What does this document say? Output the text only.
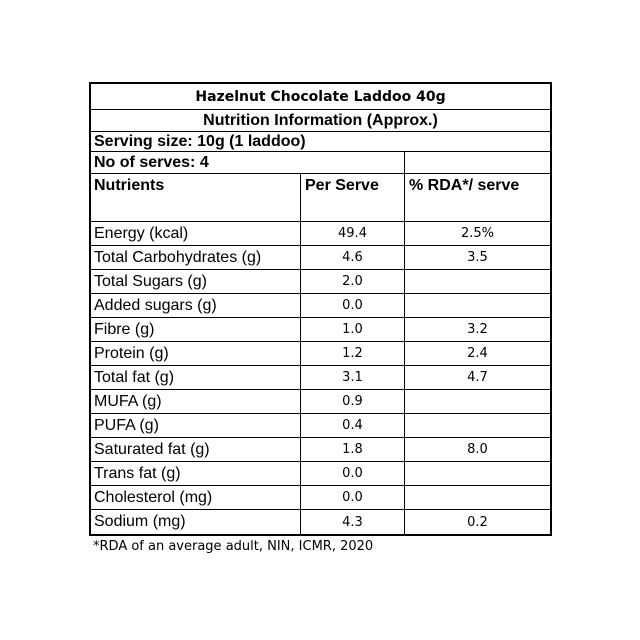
Hazelnut Chocolate Laddoo 40g
Nutrition Information (Approx.)
Serving size: 10g (1 laddoo)
No of serves: 4
Nutrients	Per Serve	% RDA*/ serve
Energy (kcal)	49.4	2.5%
Total Carbohydrates (g)	4.6	3.5
Total Sugars (g)	2.0
Added sugars (g)	0.0
Fibre (g)	1.0	3.2
Protein (g)	1.2	2.4
Total fat (g)	3.1	4.7
MUFA (g)	0.9
PUFA (g)	0.4
Saturated fat (g)	1.8	8.0
Trans fat (g)	0.0
Cholesterol (mg)	0.0
Sodium (mg)	4.3	0.2
*RDA of an average adult, NIN, ICMR, 2020
